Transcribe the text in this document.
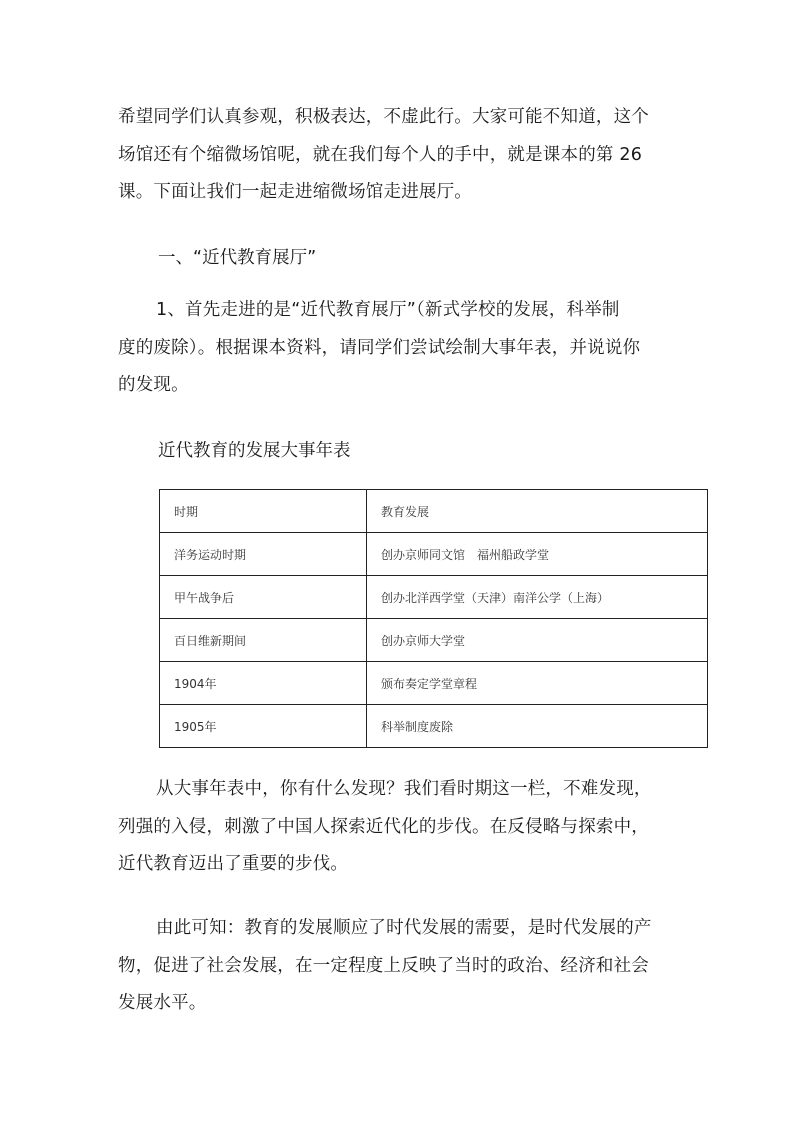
希望同学们认真参观，积极表达，不虚此行。大家可能不知道，这个
场馆还有个缩微场馆呢，就在我们每个人的手中，就是课本的第 26
课。下面让我们一起走进缩微场馆走进展厅。

一、“近代教育展厅”

1、首先走进的是“近代教育展厅”（新式学校的发展，科举制
度的废除）。根据课本资料，请同学们尝试绘制大事年表，并说说你
的发现。

近代教育的发展大事年表

时期	教育发展
洋务运动时期	创办京师同文馆　福州船政学堂
甲午战争后	创办北洋西学堂（天津）南洋公学（上海）
百日维新期间	创办京师大学堂
1904年	颁布奏定学堂章程
1905年	科举制度废除

从大事年表中，你有什么发现？我们看时期这一栏，不难发现，
列强的入侵，刺激了中国人探索近代化的步伐。在反侵略与探索中，
近代教育迈出了重要的步伐。

由此可知：教育的发展顺应了时代发展的需要，是时代发展的产
物，促进了社会发展，在一定程度上反映了当时的政治、经济和社会
发展水平。
